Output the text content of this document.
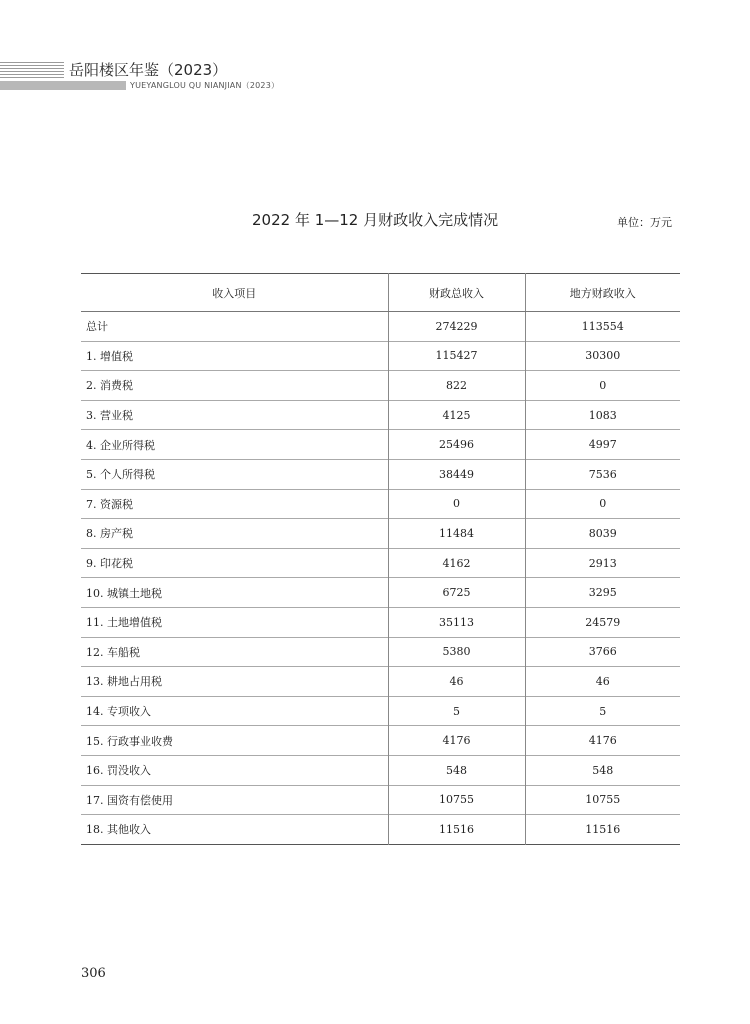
岳阳楼区年鉴（2023）
YUEYANGLOU QU NIANJIAN（2023）
2022 年 1—12 月财政收入完成情况	单位：万元
收入项目	财政总收入	地方财政收入
总计	274229	113554
1. 增值税	115427	30300
2. 消费税	822	0
3. 营业税	4125	1083
4. 企业所得税	25496	4997
5. 个人所得税	38449	7536
7. 资源税	0	0
8. 房产税	11484	8039
9. 印花税	4162	2913
10. 城镇土地税	6725	3295
11. 土地增值税	35113	24579
12. 车船税	5380	3766
13. 耕地占用税	46	46
14. 专项收入	5	5
15. 行政事业收费	4176	4176
16. 罚没收入	548	548
17. 国资有偿使用	10755	10755
18. 其他收入	11516	11516
306
